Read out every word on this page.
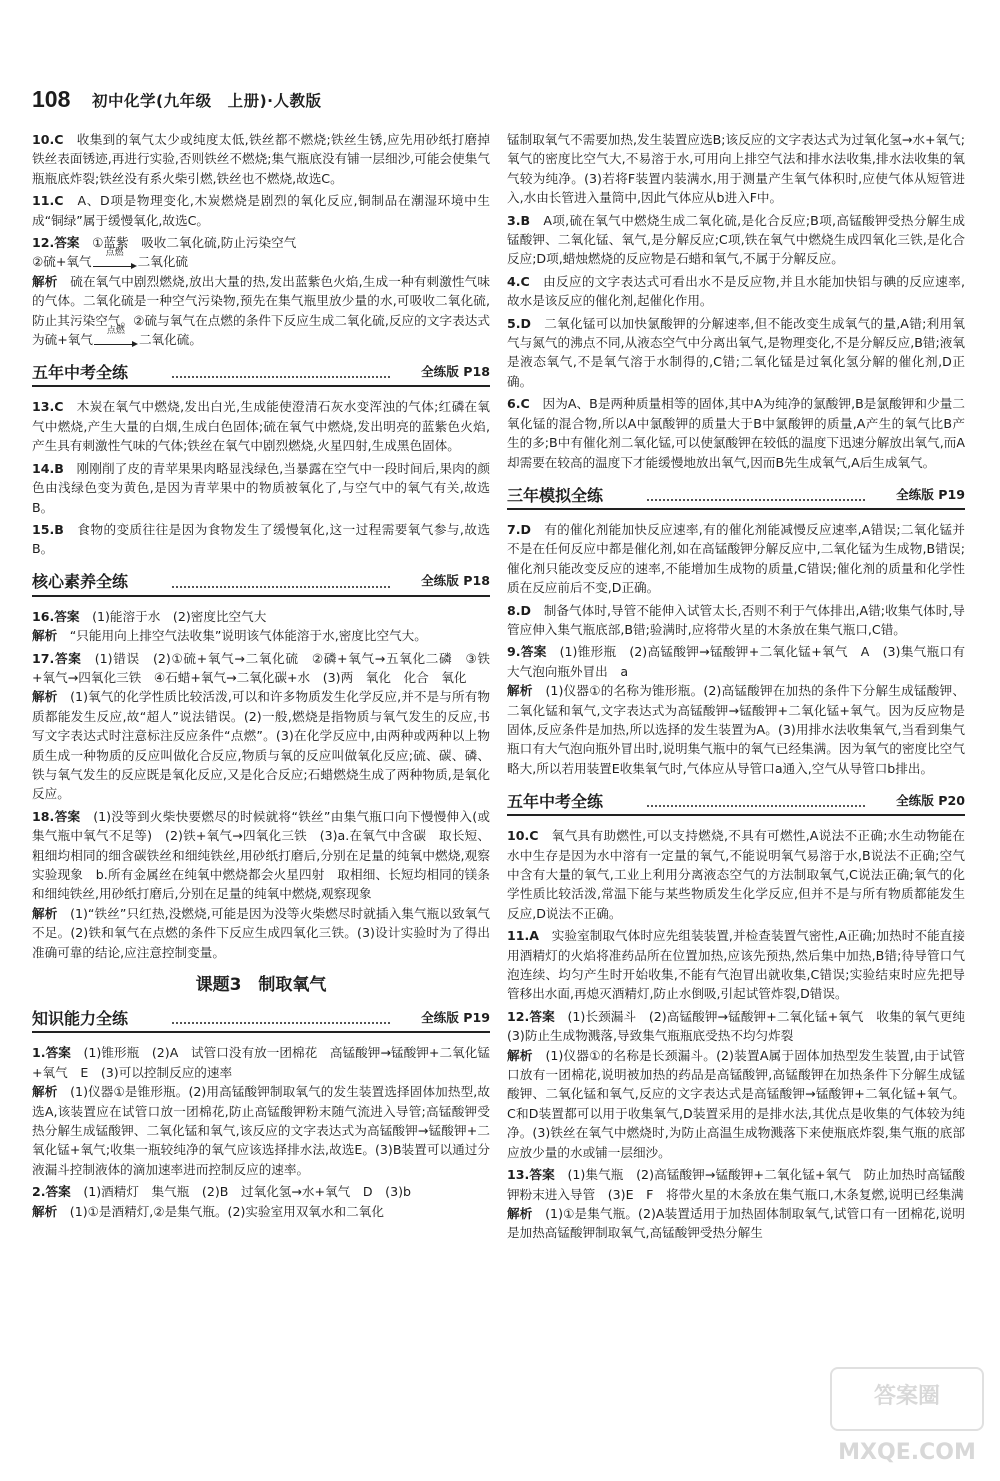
108 初中化学(九年级　上册)·人教版

10.C　 收集到的氧气太少或纯度太低,铁丝都不燃烧;铁丝生锈,应先用砂纸打磨掉铁丝表面锈迹,再进行实验,否则铁丝不燃烧;集气瓶底没有铺一层细沙,可能会使集气瓶瓶底炸裂;铁丝没有系火柴引燃,铁丝也不燃烧,故选C。

11.C　 A、D项是物理变化,木炭燃烧是剧烈的氧化反应,铜制品在潮湿环境中生成“铜绿”属于缓慢氧化,故选C。

12.答案　 ①蓝紫　吸收二氧化硫,防止污染空气
②硫+氧气
点燃
二氧化硫
解析　 硫在氧气中剧烈燃烧,放出大量的热,发出蓝紫色火焰,生成一种有刺激性气味的气体。二氧化硫是一种空气污染物,预先在集气瓶里放少量的水,可吸收二氧化硫,防止其污染空气。②硫与氧气在点燃的条件下反应生成二氧化硫,反应的文字表达式为硫+氧气
点燃
二氧化硫。

五年中考全练	全练版 P18

13.C　 木炭在氧气中燃烧,发出白光,生成能使澄清石灰水变浑浊的气体;红磷在氧气中燃烧,产生大量的白烟,生成白色固体;硫在氧气中燃烧,发出明亮的蓝紫色火焰,产生具有刺激性气味的气体;铁丝在氧气中剧烈燃烧,火星四射,生成黑色固体。

14.B　 刚刚削了皮的青苹果果肉略显浅绿色,当暴露在空气中一段时间后,果肉的颜色由浅绿色变为黄色,是因为青苹果中的物质被氧化了,与空气中的氧气有关,故选B。

15.B　 食物的变质往往是因为食物发生了缓慢氧化,这一过程需要氧气参与,故选B。

核心素养全练	全练版 P18

16.答案　 (1)能溶于水　(2)密度比空气大
解析　 “只能用向上排空气法收集”说明该气体能溶于水,密度比空气大。

17.答案　 (1)错误　(2)①硫+氧气→二氧化硫　②磷+氧气→五氧化二磷　③铁+氧气→四氧化三铁　④石蜡+氧气→二氧化碳+水　(3)两　氧化　化合　氧化
解析　 (1)氧气的化学性质比较活泼,可以和许多物质发生化学反应,并不是与所有物质都能发生反应,故“超人”说法错误。(2)一般,燃烧是指物质与氧气发生的反应,书写文字表达式时注意标注反应条件“点燃”。(3)在化学反应中,由两种或两种以上物质生成一种物质的反应叫做化合反应,物质与氧的反应叫做氧化反应;硫、碳、磷、铁与氧气发生的反应既是氧化反应,又是化合反应;石蜡燃烧生成了两种物质,是氧化反应。

18.答案　 (1)没等到火柴快要燃尽的时候就将“铁丝”由集气瓶口向下慢慢伸入(或集气瓶中氧气不足等)　(2)铁+氧气→四氧化三铁　(3)a.在氧气中含碳　取长短、粗细均相同的细含碳铁丝和细纯铁丝,用砂纸打磨后,分别在足量的纯氧中燃烧,观察实验现象　b.所有金属丝在纯氧中燃烧都会火星四射　取相细、长短均相同的镁条和细纯铁丝,用砂纸打磨后,分别在足量的纯氧中燃烧,观察现象
解析　 (1)“铁丝”只红热,没燃烧,可能是因为没等火柴燃尽时就插入集气瓶以致氧气不足。(2)铁和氧气在点燃的条件下反应生成四氧化三铁。(3)设计实验时为了得出准确可靠的结论,应注意控制变量。

课题3　制取氧气
知识能力全练	全练版 P19

1.答案　 (1)锥形瓶　(2)A　试管口没有放一团棉花　高锰酸钾→锰酸钾+二氧化锰+氧气　E　(3)可以控制反应的速率
解析　 (1)仪器①是锥形瓶。(2)用高锰酸钾制取氧气的发生装置选择固体加热型,故选A,该装置应在试管口放一团棉花,防止高锰酸钾粉末随气流进入导管;高锰酸钾受热分解生成锰酸钾、二氧化锰和氧气,该反应的文字表达式为高锰酸钾→锰酸钾+二氧化锰+氧气;收集一瓶较纯净的氧气应该选择排水法,故选E。(3)B装置可以通过分液漏斗控制液体的滴加速率进而控制反应的速率。

2.答案　 (1)酒精灯　集气瓶　(2)B　过氧化氢→水+氧气　D　(3)b
解析　 (1)①是酒精灯,②是集气瓶。(2)实验室用双氧水和二氧化

锰制取氧气不需要加热,发生装置应选B;该反应的文字表达式为过氧化氢→水+氧气;氧气的密度比空气大,不易溶于水,可用向上排空气法和排水法收集,排水法收集的氧气较为纯净。(3)若将F装置内装满水,用于测量产生氧气体积时,应使气体从短管进入,水由长管进入量筒中,因此气体应从b进入F中。

3.B　 A项,硫在氧气中燃烧生成二氧化硫,是化合反应;B项,高锰酸钾受热分解生成锰酸钾、二氧化锰、氧气,是分解反应;C项,铁在氧气中燃烧生成四氧化三铁,是化合反应;D项,蜡烛燃烧的反应物是石蜡和氧气,不属于分解反应。

4.C　 由反应的文字表达式可看出水不是反应物,并且水能加快铝与碘的反应速率,故水是该反应的催化剂,起催化作用。

5.D　 二氧化锰可以加快氯酸钾的分解速率,但不能改变生成氧气的量,A错;利用氧气与氮气的沸点不同,从液态空气中分离出氧气,是物理变化,不是分解反应,B错;液氧是液态氧气,不是氧气溶于水制得的,C错;二氧化锰是过氧化氢分解的催化剂,D正确。

6.C　 因为A、B是两种质量相等的固体,其中A为纯净的氯酸钾,B是氯酸钾和少量二氧化锰的混合物,所以A中氯酸钾的质量大于B中氯酸钾的质量,A产生的氧气比B产生的多;B中有催化剂二氧化锰,可以使氯酸钾在较低的温度下迅速分解放出氧气,而A却需要在较高的温度下才能缓慢地放出氧气,因而B先生成氧气,A后生成氧气。

三年模拟全练	全练版 P19

7.D　 有的催化剂能加快反应速率,有的催化剂能减慢反应速率,A错误;二氧化锰并不是在任何反应中都是催化剂,如在高锰酸钾分解反应中,二氧化锰为生成物,B错误;催化剂只能改变反应的速率,不能增加生成物的质量,C错误;催化剂的质量和化学性质在反应前后不变,D正确。

8.D　 制备气体时,导管不能伸入试管太长,否则不利于气体排出,A错;收集气体时,导管应伸入集气瓶底部,B错;验满时,应将带火星的木条放在集气瓶口,C错。

9.答案　 (1)锥形瓶　(2)高锰酸钾→锰酸钾+二氧化锰+氧气　A　(3)集气瓶口有大气泡向瓶外冒出　a
解析　 (1)仪器①的名称为锥形瓶。(2)高锰酸钾在加热的条件下分解生成锰酸钾、二氧化锰和氧气,文字表达式为高锰酸钾→锰酸钾+二氧化锰+氧气。因为反应物是固体,反应条件是加热,所以选择的发生装置为A。(3)用排水法收集氧气,当看到集气瓶口有大气泡向瓶外冒出时,说明集气瓶中的氧气已经集满。因为氧气的密度比空气略大,所以若用装置E收集氧气时,气体应从导管口a通入,空气从导管口b排出。

五年中考全练	全练版 P20

10.C　 氧气具有助燃性,可以支持燃烧,不具有可燃性,A说法不正确;水生动物能在水中生存是因为水中溶有一定量的氧气,不能说明氧气易溶于水,B说法不正确;空气中含有大量的氧气,工业上利用分离液态空气的方法制取氧气,C说法正确;氧气的化学性质比较活泼,常温下能与某些物质发生化学反应,但并不是与所有物质都能发生反应,D说法不正确。

11.A　 实验室制取气体时应先组装装置,并检查装置气密性,A正确;加热时不能直接用酒精灯的火焰将准药品所在位置加热,应该先预热,然后集中加热,B错;待导管口气泡连续、均匀产生时开始收集,不能有气泡冒出就收集,C错误;实验结束时应先把导管移出水面,再熄灭酒精灯,防止水倒吸,引起试管炸裂,D错误。

12.答案　 (1)长颈漏斗　(2)高锰酸钾→锰酸钾+二氧化锰+氧气　收集的氧气更纯　(3)防止生成物溅落,导致集气瓶瓶底受热不均匀炸裂
解析　 (1)仪器①的名称是长颈漏斗。(2)装置A属于固体加热型发生装置,由于试管口放有一团棉花,说明被加热的药品是高锰酸钾,高锰酸钾在加热条件下分解生成锰酸钾、二氧化锰和氧气,反应的文字表达式是高锰酸钾→锰酸钾+二氧化锰+氧气。C和D装置都可以用于收集氧气,D装置采用的是排水法,其优点是收集的气体较为纯净。(3)铁丝在氧气中燃烧时,为防止高温生成物溅落下来使瓶底炸裂,集气瓶的底部应放少量的水或铺一层细沙。

13.答案　 (1)集气瓶　(2)高锰酸钾→锰酸钾+二氧化锰+氧气　防止加热时高锰酸钾粉末进入导管　(3)E　F　将带火星的木条放在集气瓶口,木条复燃,说明已经集满
解析　 (1)①是集气瓶。(2)A装置适用于加热固体制取氧气,试管口有一团棉花,说明是加热高锰酸钾制取氧气,高锰酸钾受热分解生

答案圈 MXQE.COM
